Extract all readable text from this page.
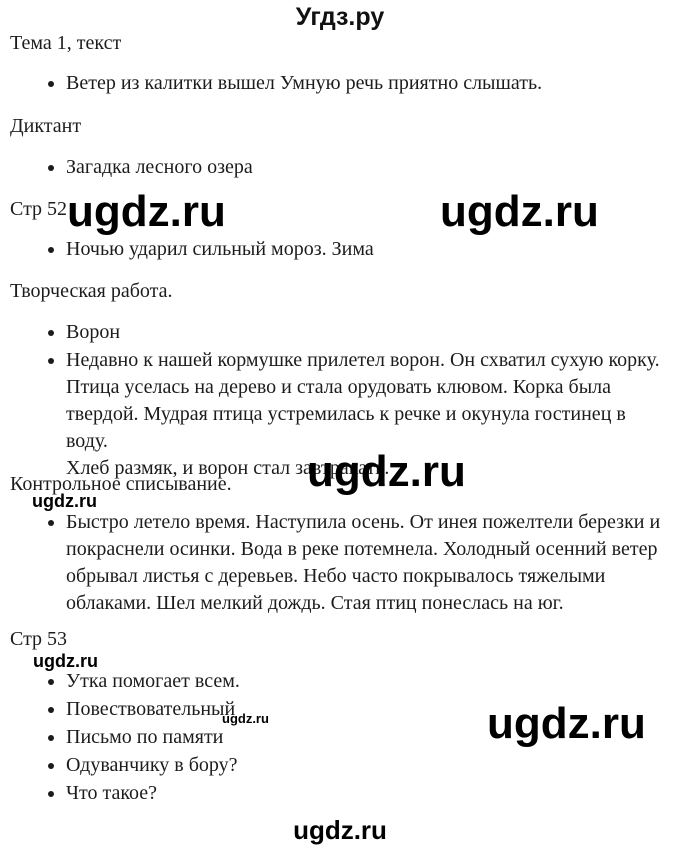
Угдз.ру
Тема 1, текст
• Ветер из калитки вышел Умную речь приятно слышать.
Диктант
• Загадка лесного озера
Стр 52 ugdz.ru	ugdz.ru
• Ночью ударил сильный мороз. Зима
Творческая работа.
• Ворон
• Недавно к нашей кормушке прилетел ворон. Он схватил сухую корку.
Птица уселась на дерево и стала орудовать клювом. Корка была
твердой. Мудрая птица устремилась к речке и окунула гостинец в воду.
Хлеб размяк, и ворон стал завтракать.
ugdz.ru
Контрольное списывание.
ugdz.ru
• Быстро летело время. Наступила осень. От инея пожелтели березки и
покраснели осинки. Вода в реке потемнела. Холодный осенний ветер
обрывал листья с деревьев. Небо часто покрывалось тяжелыми
облаками. Шел мелкий дождь. Стая птиц понеслась на юг.
Стр 53
ugdz.ru
• Утка помогает всем.
• Повествовательный
• Письмо по памяти
• Одуванчику в бору?
• Что такое?
ugdz.ru	ugdz.ru
ugdz.ru
